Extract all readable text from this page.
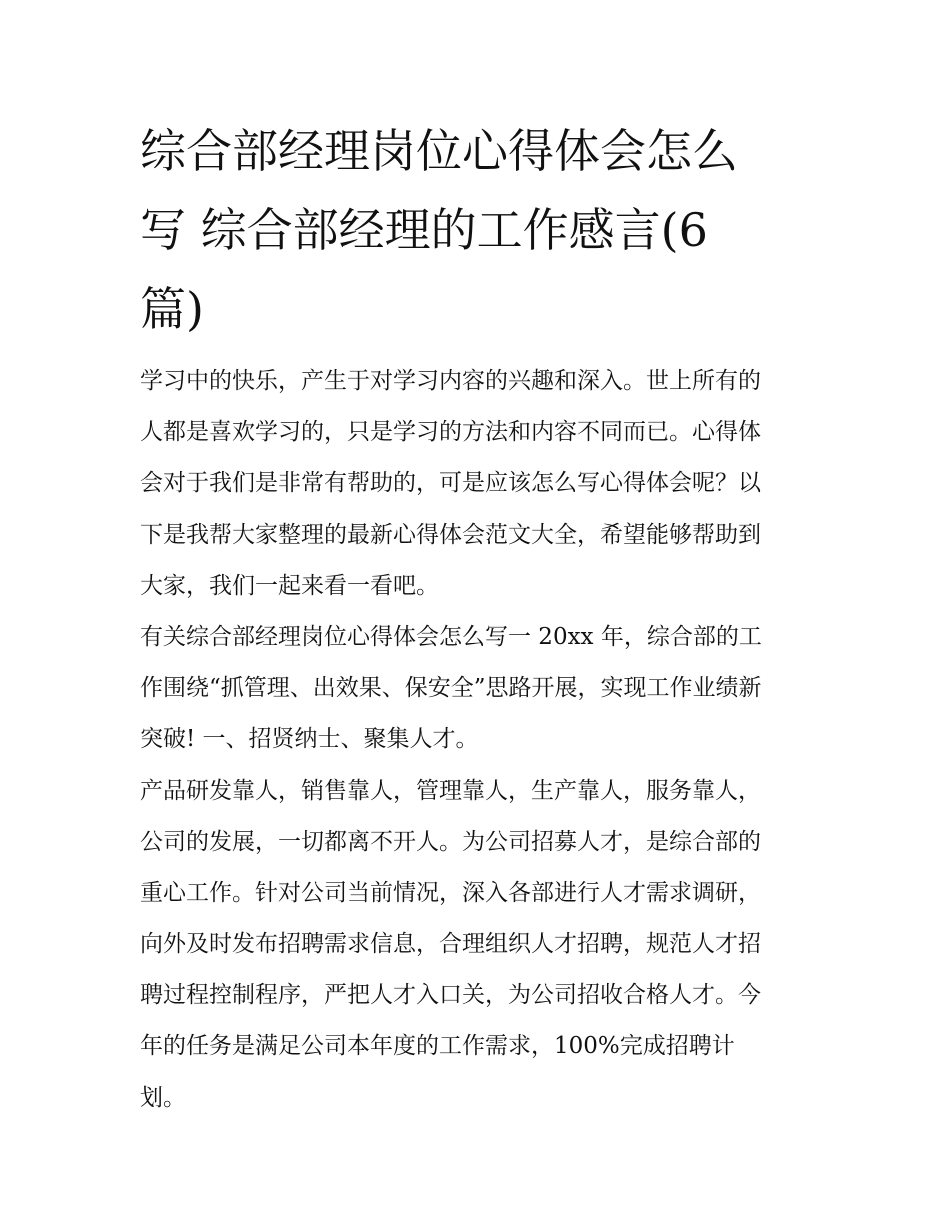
综合部经理岗位心得体会怎么
写 综合部经理的工作感言(6
篇)

学习中的快乐，产生于对学习内容的兴趣和深入。世上所有的
人都是喜欢学习的，只是学习的方法和内容不同而已。心得体
会对于我们是非常有帮助的，可是应该怎么写心得体会呢？以
下是我帮大家整理的最新心得体会范文大全，希望能够帮助到
大家，我们一起来看一看吧。

有关综合部经理岗位心得体会怎么写一 20xx 年，综合部的工
作围绕“抓管理、出效果、保安全”思路开展，实现工作业绩新
突破! 一、招贤纳士、聚集人才。

产品研发靠人，销售靠人，管理靠人，生产靠人，服务靠人，
公司的发展，一切都离不开人。为公司招募人才，是综合部的
重心工作。针对公司当前情况，深入各部进行人才需求调研，
向外及时发布招聘需求信息，合理组织人才招聘，规范人才招
聘过程控制程序，严把人才入口关，为公司招收合格人才。今
年的任务是满足公司本年度的工作需求，100%完成招聘计
划。
